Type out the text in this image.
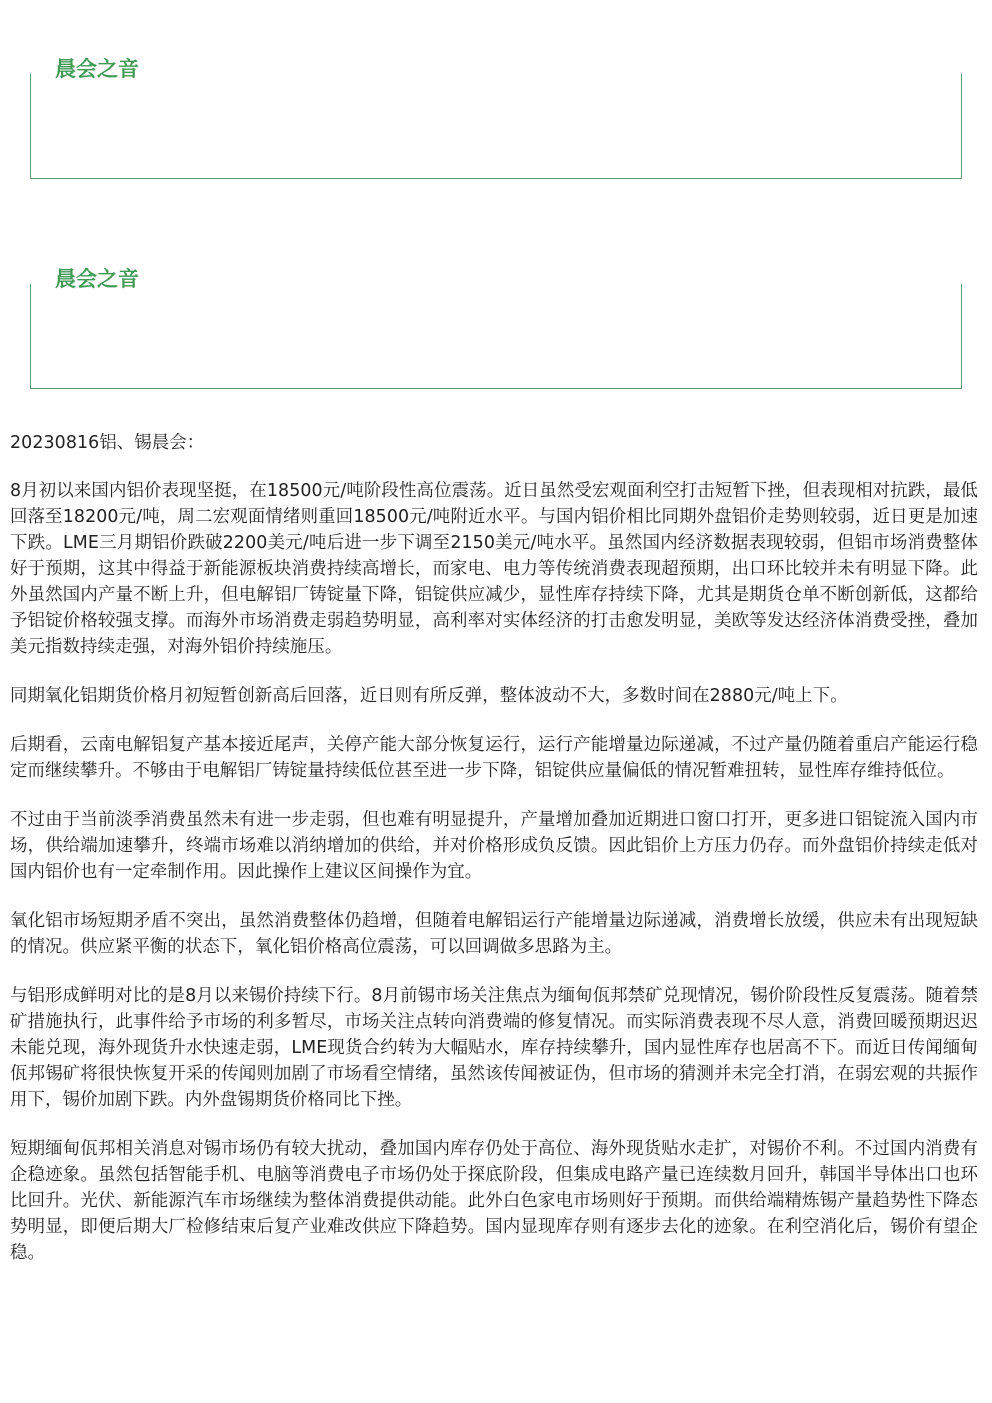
晨会之音
晨会之音

20230816铝、锡晨会：

8月初以来国内铝价表现坚挺，在18500元/吨阶段性高位震荡。近日虽然受宏观面利空打击短暂下挫，但表现相对抗跌，最低回落至18200元/吨，周二宏观面情绪则重回18500元/吨附近水平。与国内铝价相比同期外盘铝价走势则较弱，近日更是加速下跌。LME三月期铝价跌破2200美元/吨后进一步下调至2150美元/吨水平。虽然国内经济数据表现较弱，但铝市场消费整体好于预期，这其中得益于新能源板块消费持续高增长，而家电、电力等传统消费表现超预期，出口环比较并未有明显下降。此外虽然国内产量不断上升，但电解铝厂铸锭量下降，铝锭供应减少，显性库存持续下降，尤其是期货仓单不断创新低，这都给予铝锭价格较强支撑。而海外市场消费走弱趋势明显，高利率对实体经济的打击愈发明显，美欧等发达经济体消费受挫，叠加美元指数持续走强，对海外铝价持续施压。

同期氧化铝期货价格月初短暂创新高后回落，近日则有所反弹，整体波动不大，多数时间在2880元/吨上下。

后期看，云南电解铝复产基本接近尾声，关停产能大部分恢复运行，运行产能增量边际递减，不过产量仍随着重启产能运行稳定而继续攀升。不够由于电解铝厂铸锭量持续低位甚至进一步下降，铝锭供应量偏低的情况暂难扭转，显性库存维持低位。

不过由于当前淡季消费虽然未有进一步走弱，但也难有明显提升，产量增加叠加近期进口窗口打开，更多进口铝锭流入国内市场，供给端加速攀升，终端市场难以消纳增加的供给，并对价格形成负反馈。因此铝价上方压力仍存。而外盘铝价持续走低对国内铝价也有一定牵制作用。因此操作上建议区间操作为宜。

氧化铝市场短期矛盾不突出，虽然消费整体仍趋增，但随着电解铝运行产能增量边际递减，消费增长放缓，供应未有出现短缺的情况。供应紧平衡的状态下，氧化铝价格高位震荡，可以回调做多思路为主。

与铝形成鲜明对比的是8月以来锡价持续下行。8月前锡市场关注焦点为缅甸佤邦禁矿兑现情况，锡价阶段性反复震荡。随着禁矿措施执行，此事件给予市场的利多暂尽，市场关注点转向消费端的修复情况。而实际消费表现不尽人意，消费回暖预期迟迟未能兑现，海外现货升水快速走弱，LME现货合约转为大幅贴水，库存持续攀升，国内显性库存也居高不下。而近日传闻缅甸佤邦锡矿将很快恢复开采的传闻则加剧了市场看空情绪，虽然该传闻被证伪，但市场的猜测并未完全打消，在弱宏观的共振作用下，锡价加剧下跌。内外盘锡期货价格同比下挫。

短期缅甸佤邦相关消息对锡市场仍有较大扰动，叠加国内库存仍处于高位、海外现货贴水走扩，对锡价不利。不过国内消费有企稳迹象。虽然包括智能手机、电脑等消费电子市场仍处于探底阶段，但集成电路产量已连续数月回升，韩国半导体出口也环比回升。光伏、新能源汽车市场继续为整体消费提供动能。此外白色家电市场则好于预期。而供给端精炼锡产量趋势性下降态势明显，即便后期大厂检修结束后复产业难改供应下降趋势。国内显现库存则有逐步去化的迹象。在利空消化后，锡价有望企稳。
